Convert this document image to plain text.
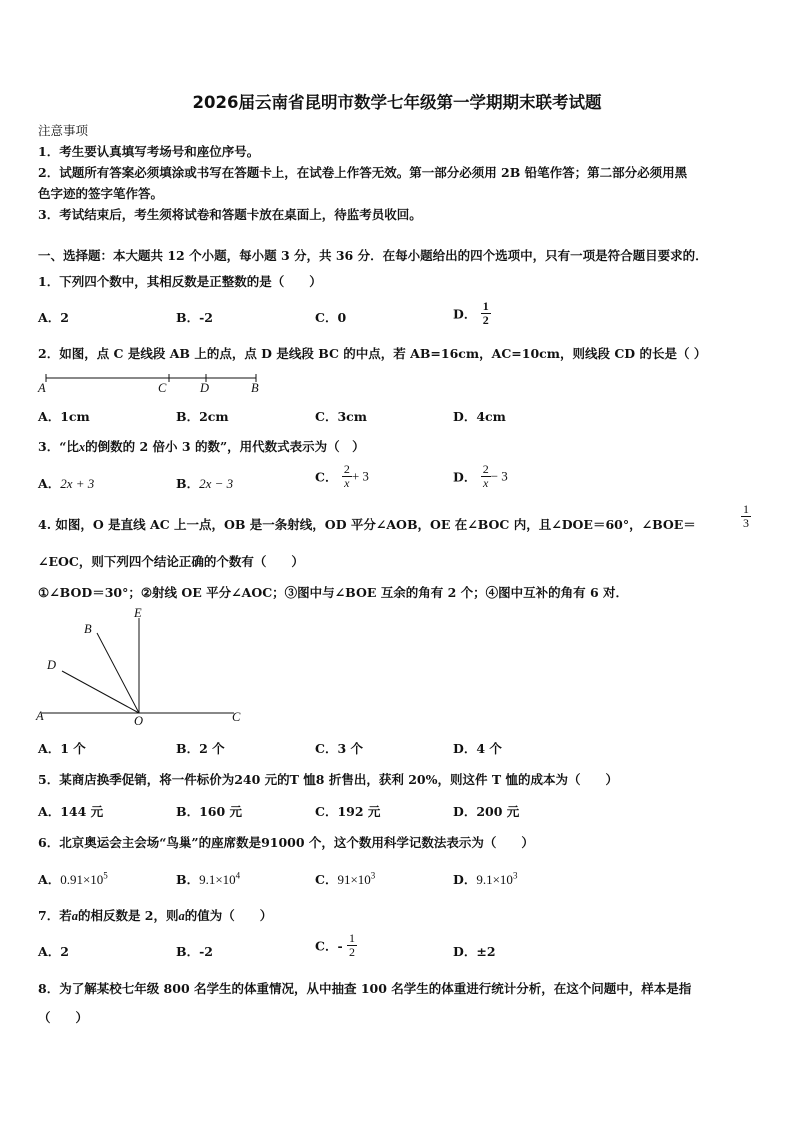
2026届云南省昆明市数学七年级第一学期期末联考试题
注意事项
1．考生要认真填写考场号和座位序号。
2．试题所有答案必须填涂或书写在答题卡上，在试卷上作答无效。第一部分必须用 2B 铅笔作答；第二部分必须用黑
色字迹的签字笔作答。
3．考试结束后，考生须将试卷和答题卡放在桌面上，待监考员收回。
一、选择题：本大题共 12 个小题，每小题 3 分，共 36 分．在每小题给出的四个选项中，只有一项是符合题目要求的．
1．下列四个数中，其相反数是正整数的是（　　）
A．2	B．-2	C．0	D． $\frac{1}{2}$
2．如图，点 C 是线段 AB 上的点，点 D 是线段 BC 的中点，若 AB=16cm，AC=10cm，则线段 CD 的长是（ ）
A	C	D	B
A．1cm	B．2cm	C．3cm	D．4cm
3．“比x的倒数的 2 倍小 3 的数”，用代数式表示为（　）
A．2x + 3	B．2x − 3	C． $\frac{2}{x} + 3$	D． $\frac{2}{x} - 3$
4. 如图，O 是直线 AC 上一点，OB 是一条射线，OD 平分∠AOB，OE 在∠BOC 内，且∠DOE＝60°，∠BOE＝	$\frac{1}{3}$
∠EOC，则下列四个结论正确的个数有（　　）
①∠BOD＝30°；②射线 OE 平分∠AOC；③图中与∠BOE 互余的角有 2 个；④图中互补的角有 6 对．
E
B
D
A	O	C
A．1 个	B．2 个	C．3 个	D．4 个
5．某商店换季促销，将一件标价为240 元的T 恤8 折售出，获利 20%，则这件 T 恤的成本为（　　）
A．144 元	B．160 元	C．192 元	D．200 元
6．北京奥运会主会场“鸟巢”的座席数是91000 个，这个数用科学记数法表示为（　　）
A．$0.91\times 10^5$	B．$9.1\times 10^4$	C．$91\times 10^3$	D．$9.1\times 10^3$
7．若a的相反数是 2，则a的值为（　　）
A．2	B．-2	C．- $\frac{1}{2}$	D．±2
8．为了解某校七年级 800 名学生的体重情况，从中抽查 100 名学生的体重进行统计分析，在这个问题中，样本是指
（　　）
